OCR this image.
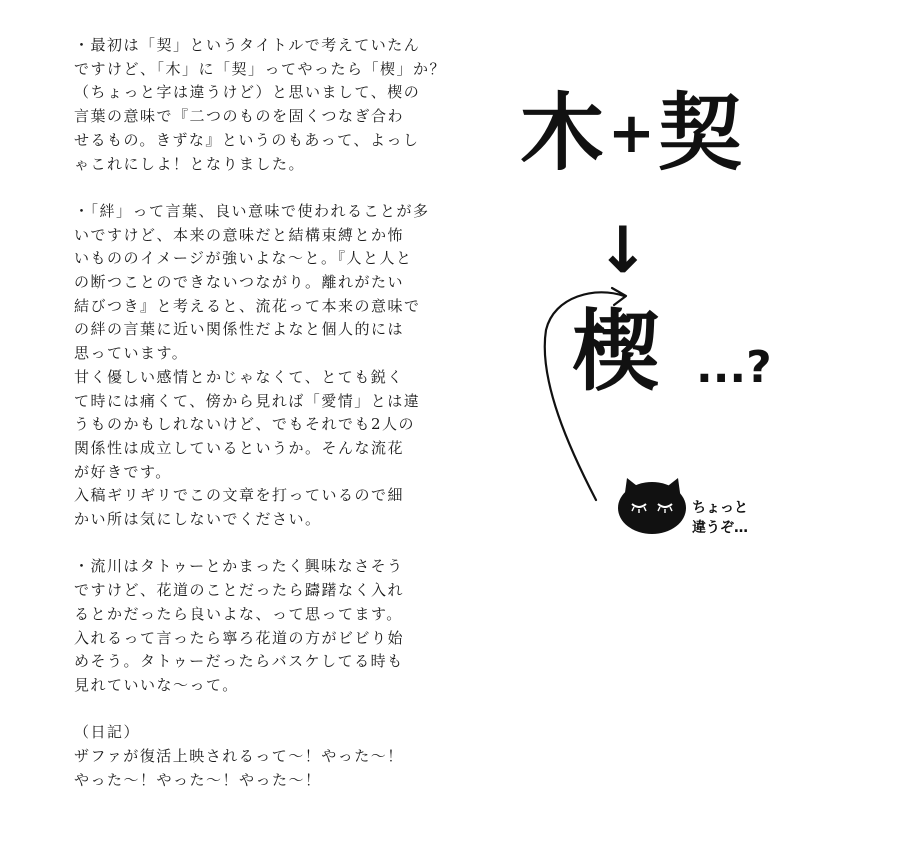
・最初は「契」というタイトルで考えていたん
ですけど、「木」に「契」ってやったら「楔」か？
（ちょっと字は違うけど）と思いまして、楔の
言葉の意味で『二つのものを固くつなぎ合わ
せるもの。きずな』というのもあって、よっし
ゃこれにしよ！となりました。
・「絆」って言葉、良い意味で使われることが多
いですけど、本来の意味だと結構束縛とか怖
いもののイメージが強いよな〜と。『人と人と
の断つことのできないつながり。離れがたい
結びつき』と考えると、流花って本来の意味で
の絆の言葉に近い関係性だよなと個人的には
思っています。
甘く優しい感情とかじゃなくて、とても鋭く
て時には痛くて、傍から見れば「愛情」とは違
うものかもしれないけど、でもそれでも2人の
関係性は成立しているというか。そんな流花
が好きです。
入稿ギリギリでこの文章を打っているので細
かい所は気にしないでください。
・流川はタトゥーとかまったく興味なさそう
ですけど、花道のことだったら躊躇なく入れ
るとかだったら良いよな、って思ってます。
入れるって言ったら寧ろ花道の方がビビり始
めそう。タトゥーだったらバスケしてる時も
見れていいな〜って。
（日記）
ザファが復活上映されるって〜！やった〜！
やった〜！やった〜！やった〜！
木 + 契
↓
楔 ...?
ちょっと
違うぞ…
